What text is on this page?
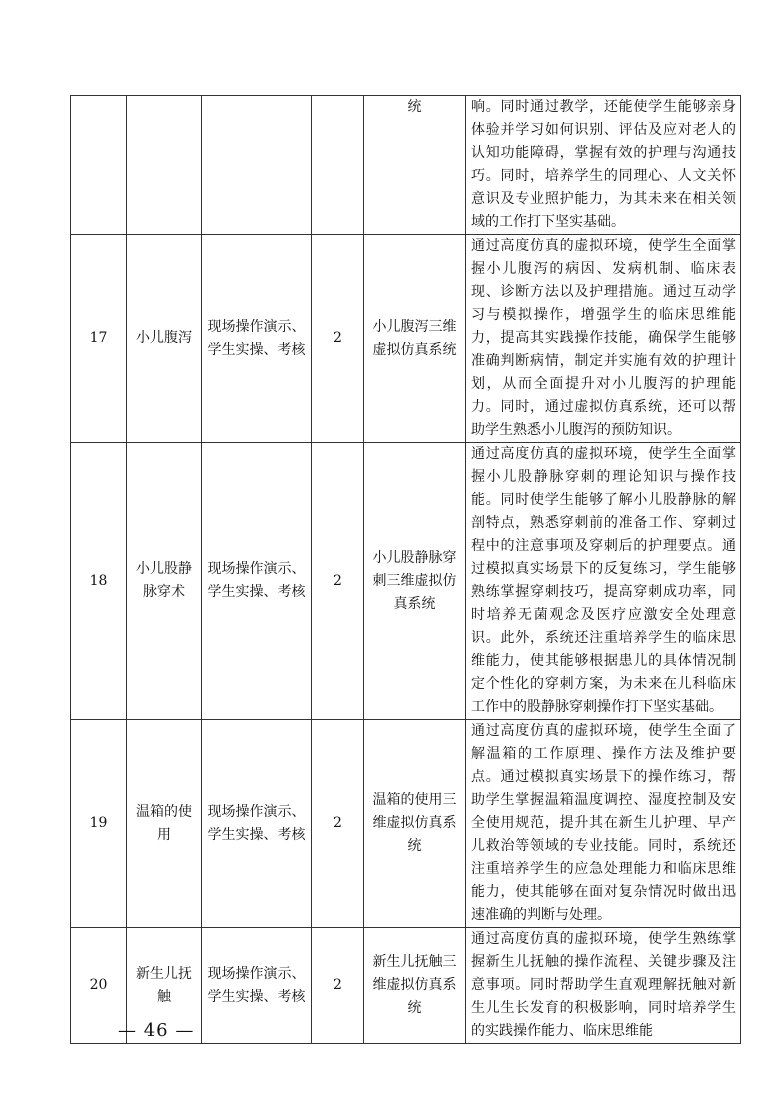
				统	响。同时通过教学，还能使学生能够亲身体验并学习如何识别、评估及应对老人的认知功能障碍，掌握有效的护理与沟通技巧。同时，培养学生的同理心、人文关怀意识及专业照护能力，为其未来在相关领域的工作打下坚实基础。
17	小儿腹泻	现场操作演示、学生实操、考核	2	小儿腹泻三维虚拟仿真系统	通过高度仿真的虚拟环境，使学生全面掌握小儿腹泻的病因、发病机制、临床表现、诊断方法以及护理措施。通过互动学习与模拟操作，增强学生的临床思维能力，提高其实践操作技能，确保学生能够准确判断病情，制定并实施有效的护理计划，从而全面提升对小儿腹泻的护理能力。同时，通过虚拟仿真系统，还可以帮助学生熟悉小儿腹泻的预防知识。
18	小儿股静脉穿术	现场操作演示、学生实操、考核	2	小儿股静脉穿刺三维虚拟仿真系统	通过高度仿真的虚拟环境，使学生全面掌握小儿股静脉穿刺的理论知识与操作技能。同时使学生能够了解小儿股静脉的解剖特点，熟悉穿刺前的准备工作、穿刺过程中的注意事项及穿刺后的护理要点。通过模拟真实场景下的反复练习，学生能够熟练掌握穿刺技巧，提高穿刺成功率，同时培养无菌观念及医疗应激安全处理意识。此外，系统还注重培养学生的临床思维能力，使其能够根据患儿的具体情况制定个性化的穿刺方案，为未来在儿科临床工作中的股静脉穿刺操作打下坚实基础。
19	温箱的使用	现场操作演示、学生实操、考核	2	温箱的使用三维虚拟仿真系统	通过高度仿真的虚拟环境，使学生全面了解温箱的工作原理、操作方法及维护要点。通过模拟真实场景下的操作练习，帮助学生掌握温箱温度调控、湿度控制及安全使用规范，提升其在新生儿护理、早产儿救治等领域的专业技能。同时，系统还注重培养学生的应急处理能力和临床思维能力，使其能够在面对复杂情况时做出迅速准确的判断与处理。
20	新生儿抚触	现场操作演示、学生实操、考核	2	新生儿抚触三维虚拟仿真系统	通过高度仿真的虚拟环境，使学生熟练掌握新生儿抚触的操作流程、关键步骤及注意事项。同时帮助学生直观理解抚触对新生儿生长发育的积极影响，同时培养学生的实践操作能力、临床思维能
— 46 —
